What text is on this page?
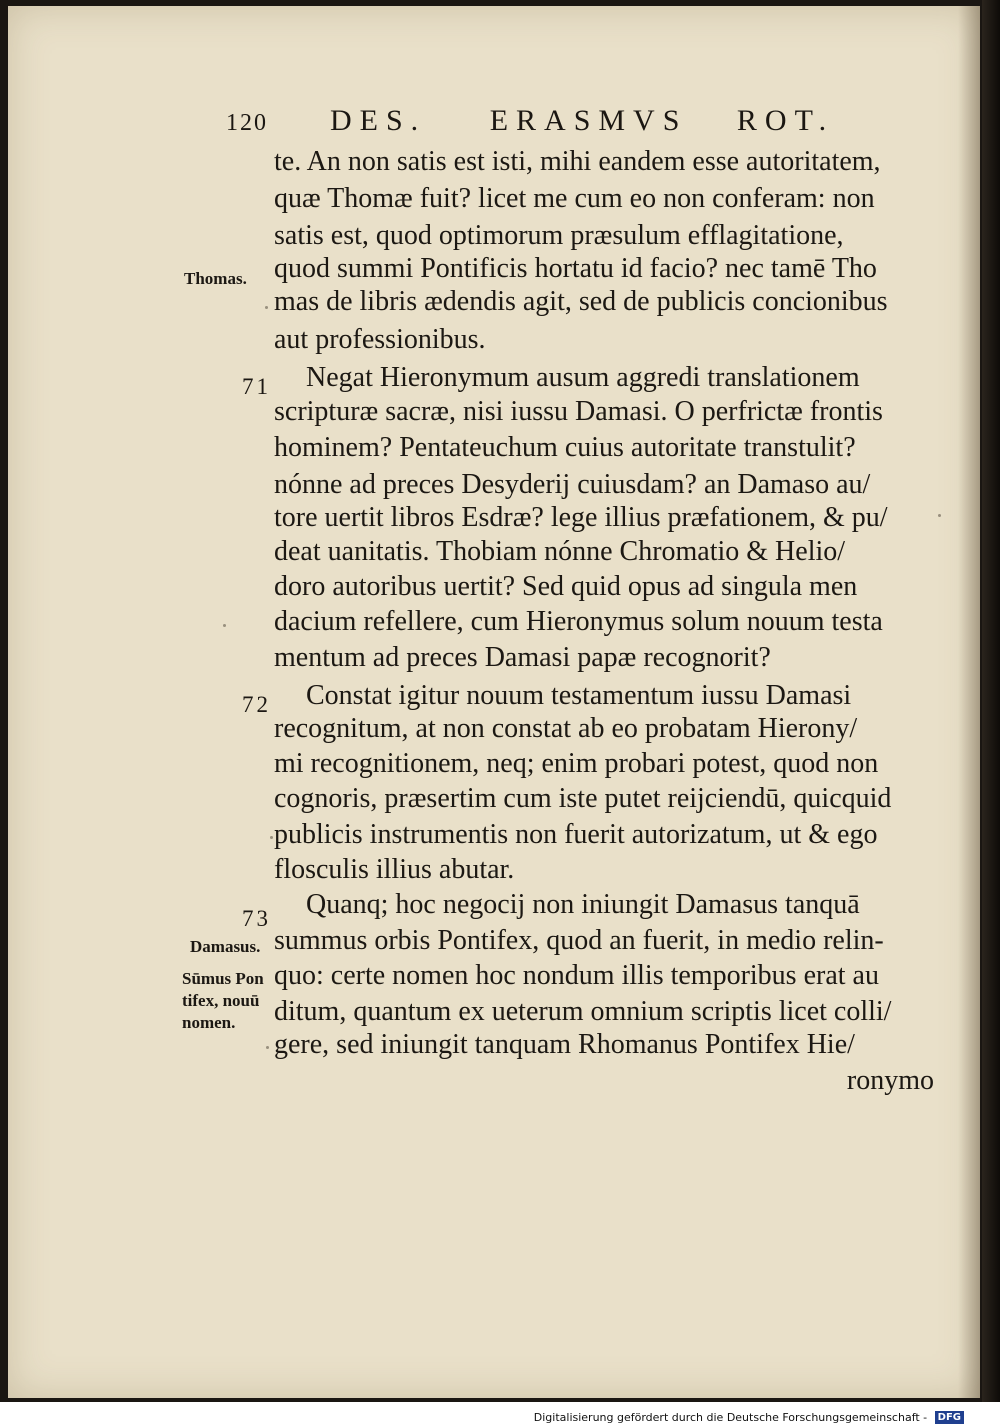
120 DES. ERASMVS ROT.
te. An non satis est isti, mihi eandem esse autoritatem,
quæ Thomæ fuit? licet me cum eo non conferam: non
satis est, quod optimorum præsulum efflagitatione,
quod summi Pontificis hortatu id facio? nec tamē Tho
mas de libris ædendis agit, sed de publicis concionibus
aut professionibus.
71 Negat Hieronymum ausum aggredi translationem
scripturæ sacræ, nisi iussu Damasi. O perfrictæ frontis
hominem? Pentateuchum cuius autoritate transtulit?
nónne ad preces Desyderij cuiusdam? an Damaso au/
tore uertit libros Esdræ? lege illius præfationem, & pu/
deat uanitatis. Thobiam nónne Chromatio & Helio/
doro autoribus uertit? Sed quid opus ad singula men
dacium refellere, cum Hieronymus solum nouum testa
mentum ad preces Damasi papæ recognorit?
72 Constat igitur nouum testamentum iussu Damasi
recognitum, at non constat ab eo probatam Hierony/
mi recognitionem, neq; enim probari potest, quod non
cognoris, præsertim cum iste putet reijciendū, quicquid
publicis instrumentis non fuerit autorizatum, ut & ego
flosculis illius abutar.
73 Quanq; hoc negocij non iniungit Damasus tanquā
summus orbis Pontifex, quod an fuerit, in medio relin-
quo: certe nomen hoc nondum illis temporibus erat au
ditum, quantum ex ueterum omnium scriptis licet colli/
gere, sed iniungit tanquam Rhomanus Pontifex Hie/
ronymo
Thomas.
Damasus.
Sūmus Pon
tifex, nouū
nomen.
Digitalisierung gefördert durch die Deutsche Forschungsgemeinschaft - DFG
